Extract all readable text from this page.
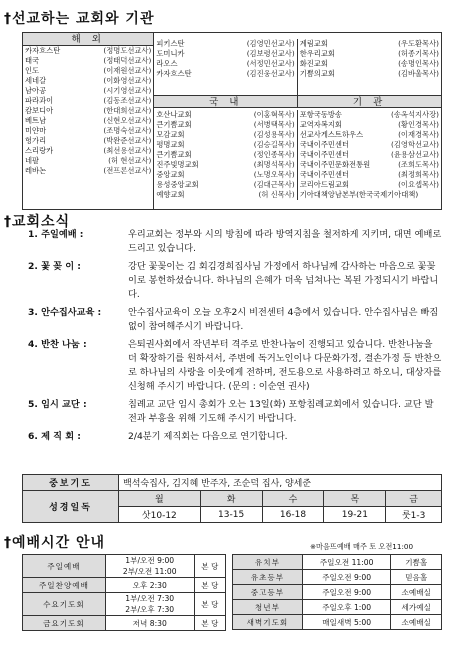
†선교하는 교회와 기관
해 외
카자흐스탄	(정명도선교사)
태국	(정태덕선교사)
인도	(이재원선교사)
세네갈	(이화영선교사)
남아공	(시기영선교사)
파라과이	(김동조선교사)
캄보디아	(한대희선교사)
베트남	(신현오선교사)
미얀마	(조명숙선교사)
헝가리	(박완준선교사)
스리랑카	(최선용선교사)
네팔	(허 현선교사)
레바논	(전프론선교사)
피키스탄	(김영민선교사)
도미니카	(김보령선교사)
라오스	(서정민선교사)
카자흐스탄	(김진웅선교사)
계림교회	(우도환목사)
한우리교회	(허종기목사)
화진교회	(송명인목사)
기쁨의교회	(김바울목사)
국 내	기 관
호산나교회	(이홍혁목사)
큰기쁨교회	(서병택목사)
모감교회	(김성용목사)
평명교회	(김승길목사)
큰기쁨교회	(정인종목사)
진주빛명교회	(최명석목사)
중앙교회	(노명오목사)
용성중앙교회	(김대근목사)
예향교회	(허 신목사)
포항국동방송	(송옥석지사장)
교역자복지회	(황인경목사)
선교사게스트하우스	(이재경목사)
국내이주민센터	(김영학선교사)
국내이주민센터	(윤용삼선교사)
국내이주민문화전통원	(조희도목사)
국내이주민센터	(최정희목사)
코리아드림교회	(이요셉목사)
기아대책앙남본부(한국국제기아대책)
†교회소식
1. 주일예배 :	우리교회는 정부와 시의 방침에 따라 방역지침을 철저하게 지키며, 대면 예배로 드리고 있습니다.
2. 꽃 꽂 이 :	강단 꽃꽂이는 김 회김경희집사님 가정에서 하나님께 감사하는 마음으로 꽃꽂이로 봉헌하셨습니다. 하나님의 은혜가 더욱 넘쳐나는 복된 가정되시기 바랍니다.
3. 안수집사교육 :	안수집사교육이 오늘 오후2시 비전센터 4층에서 있습니다. 안수집사님은 빠짐없이 참여해주시기 바랍니다.
4. 반찬 나눔 :	은퇴권사회에서 작년부터 격주로 반찬나눔이 진행되고 있습니다. 반찬나눔을 더 확장하기를 원하셔서, 주변에 독거노인이나 다문화가정, 결손가정 등 반찬으로 하나님의 사랑을 이웃에게 전하며, 전도용으로 사용하려고 하오니, 대상자를 신청해 주시기 바랍니다. (문의 : 이순연 권사)
5. 임시 교단 :	침례교 교단 임시 총회가 오는 13일(화) 포항침례교회에서 있습니다. 교단 발전과 부흥을 위해 기도해 주시기 바랍니다.
6. 제 직 회 :	2/4분기 제직회는 다음으로 연기합니다.
중보기도	백석숙집사, 김지혜 반주자, 조순덕 집사, 양세준				
성경일독	월	화	수	목	금
	삿10-12	13-15	16-18	19-21	룻1-3
†예배시간 안내	※마음뜨예배 매주 토 오전11:00
주일예배	1부/오전 9:00
2부/오전 11:00	본 당
주일찬양예배	오후 2:30	본 당
수요기도회	1부/오전 7:30
2부/오후 7:30	본 당
금요기도회	저녁 8:30	본 당
유치부	주일오전 11:00	기쁨홀
유초등부	주일오전 9:00	믿음홀
중고등부	주일오전 9:00	소예배실
청년부	주일오후 1:00	세가예실
새벽기도회	매일새벽 5:00	소예배실
